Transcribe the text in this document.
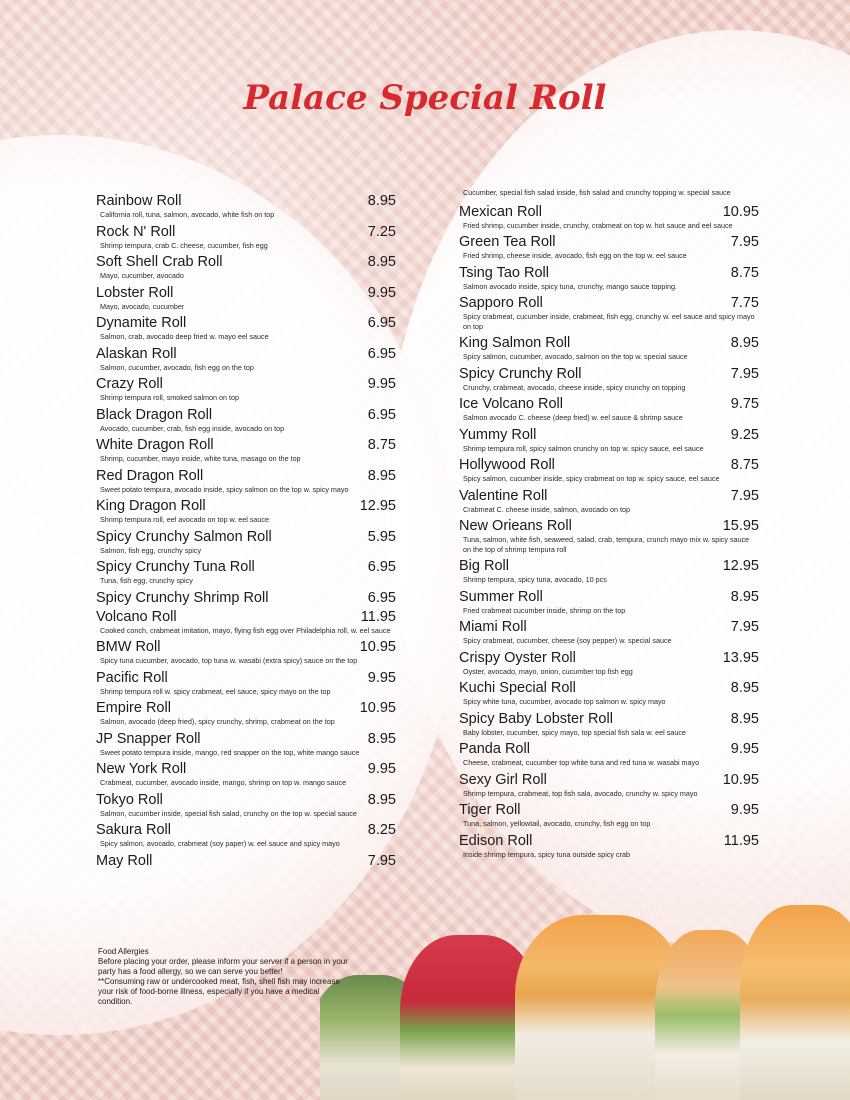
Palace Special Roll
Rainbow Roll	8.95
California roll, tuna, salmon, avocado, white fish on top
Rock N' Roll	7.25
Shrimp tempura, crab C. cheese, cucumber, fish egg
Soft Shell Crab Roll	8.95
Mayo, cucumber, avocado
Lobster Roll	9.95
Mayo, avocado, cucumber
Dynamite Roll	6.95
Salmon, crab, avocado deep fried w. mayo eel sauce
Alaskan Roll	6.95
Salmon, cucumber, avocado, fish egg on the top
Crazy Roll	9.95
Shrimp tempura roll, smoked salmon on top
Black Dragon Roll	6.95
Avocado, cucumber, crab, fish egg inside, avocado on top
White Dragon Roll	8.75
Shrimp, cucumber, mayo inside, white tuna, masago on the top
Red Dragon Roll	8.95
Sweet potato tempura, avocado inside, spicy salmon on the top w. spicy mayo
King Dragon Roll	12.95
Shrimp tempura roll, eel avocado on top w. eel sauce
Spicy Crunchy Salmon Roll	5.95
Salmon, fish egg, crunchy spicy
Spicy Crunchy Tuna Roll	6.95
Tuna, fish egg, crunchy spicy
Spicy Crunchy Shrimp Roll	6.95
Volcano Roll	11.95
Cooked conch, crabmeat imitation, mayo, flying fish egg over Philadelphia roll, w. eel sauce
BMW Roll	10.95
Spicy tuna cucumber, avocado, top tuna w. wasabi (extra spicy) sauce on the top
Pacific Roll	9.95
Shrimp tempura roll w. spicy crabmeat, eel sauce, spicy mayo on the top
Empire Roll	10.95
Salmon, avocado (deep fried), spicy crunchy, shrimp, crabmeat on the top
JP Snapper Roll	8.95
Sweet potato tempura inside, mango, red snapper on the top, white mango sauce
New York Roll	9.95
Crabmeat, cucumber, avocado inside, mango, shrimp on top w. mango sauce
Tokyo Roll	8.95
Salmon, cucumber inside, special fish salad, crunchy on the top w. special sauce
Sakura Roll	8.25
Spicy salmon, avocado, crabmeat (soy paper) w. eel sauce and spicy mayo
May Roll	7.95
Cucumber, special fish salad inside, fish salad and crunchy topping w. special sauce
Mexican Roll	10.95
Fried shrimp, cucumber inside, crunchy, crabmeat on top w. hot sauce and eel sauce
Green Tea Roll	7.95
Fried shrimp, cheese inside, avocado, fish egg on the top w. eel sauce
Tsing Tao Roll	8.75
Salmon avocado inside, spicy tuna, crunchy, mango sauce topping.
Sapporo Roll	7.75
Spicy crabmeat, cucumber inside, crabmeat, fish egg, crunchy w. eel sauce and spicy mayo on top
King Salmon Roll	8.95
Spicy salmon, cucumber, avocado, salmon on the top w. special sauce
Spicy Crunchy Roll	7.95
Crunchy, crabmeat, avocado, cheese inside, spicy crunchy on topping
Ice Volcano Roll	9.75
Salmon avocado C. cheese (deep fried) w. eel sauce & shrimp sauce
Yummy Roll	9.25
Shrimp tempura roll, spicy salmon crunchy on top w. spicy sauce, eel sauce
Hollywood Roll	8.75
Spicy salmon, cucumber inside, spicy crabmeat on top w. spicy sauce, eel sauce
Valentine Roll	7.95
Crabmeat C. cheese inside, salmon, avocado on top
New Orieans Roll	15.95
Tuna, salmon, white fish, seaweed, salad, crab, tempura, crunch mayo mix w. spicy sauce on the top of shrimp tempura roll
Big Roll	12.95
Shrimp tempura, spicy tuna, avocado, 10 pcs
Summer Roll	8.95
Fried crabmeat cucumber inside, shrimp on the top
Miami Roll	7.95
Spicy crabmeat, cucumber, cheese (soy pepper) w. special sauce
Crispy Oyster Roll	13.95
Oyster, avocado, mayo, onion, cucumber top fish egg
Kuchi Special Roll	8.95
Spicy white tuna, cucumber, avocado top salmon w. spicy mayo
Spicy Baby Lobster Roll	8.95
Baby lobster, cucumber, spicy mayo, top special fish sala w. eel sauce
Panda Roll	9.95
Cheese, crabmeat, cucumber top white tuna and red tuna w. wasabi mayo
Sexy Girl Roll	10.95
Shrimp tempura, crabmeat, top fish sala, avocado, crunchy w. spicy mayo
Tiger Roll	9.95
Tuna, salmon, yellowtail, avocado, crunchy, fish egg on top
Edison Roll	11.95
Inside shrimp tempura, spicy tuna outside spicy crab
Food Allergies
Before placing your order, please inform your server if a person in your party has a food allergy, so we can serve you better!
**Consuming raw or undercooked meat, fish, shell fish may increase your risk of food-borne illness, especially if you have a medical condition.
